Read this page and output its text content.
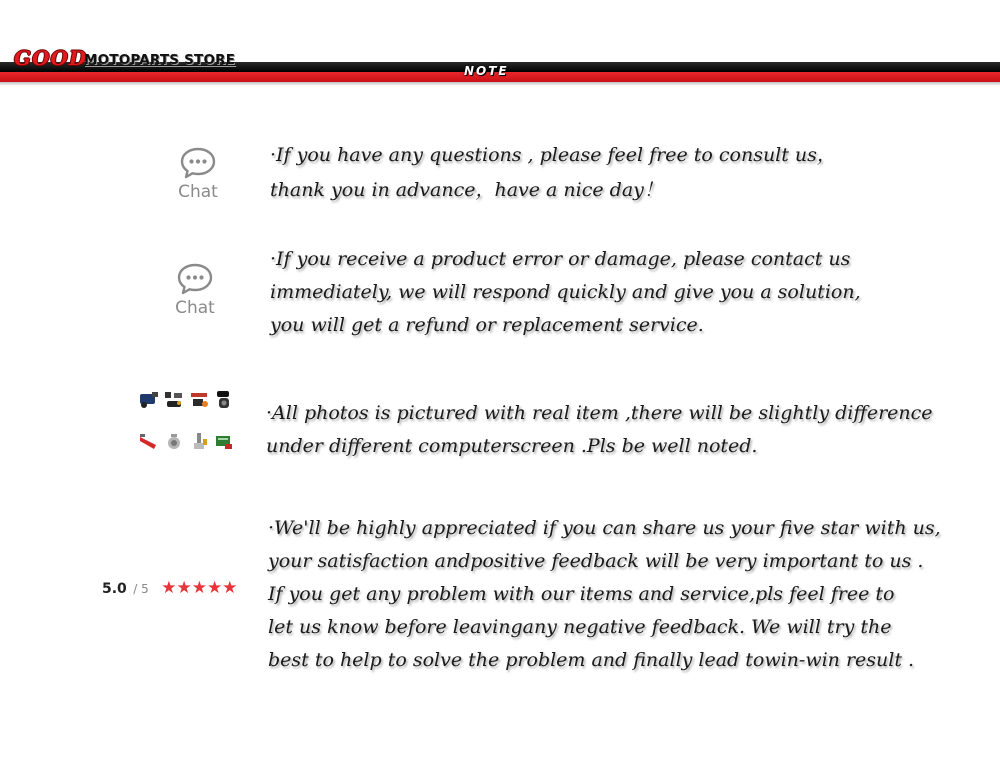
GOOD
MOTOPARTS STORE
NOTE
Chat
Chat
·If you have any questions , please feel free to consult us，
thank you in advance，have a nice day！
·If you receive a product error or damage, please contact us
immediately, we will respond quickly and give you a solution,
you will get a refund or replacement service.
·All photos is pictured with real item ,there will be slightly difference
under different computerscreen .Pls be well noted.
5.0 / 5 ★★★★★
·We'll be highly appreciated if you can share us your five star with us,
your satisfaction andpositive feedback will be very important to us .
If you get any problem with our items and service,pls feel free to
let us know before leavingany negative feedback. We will try the
best to help to solve the problem and finally lead towin-win result .
